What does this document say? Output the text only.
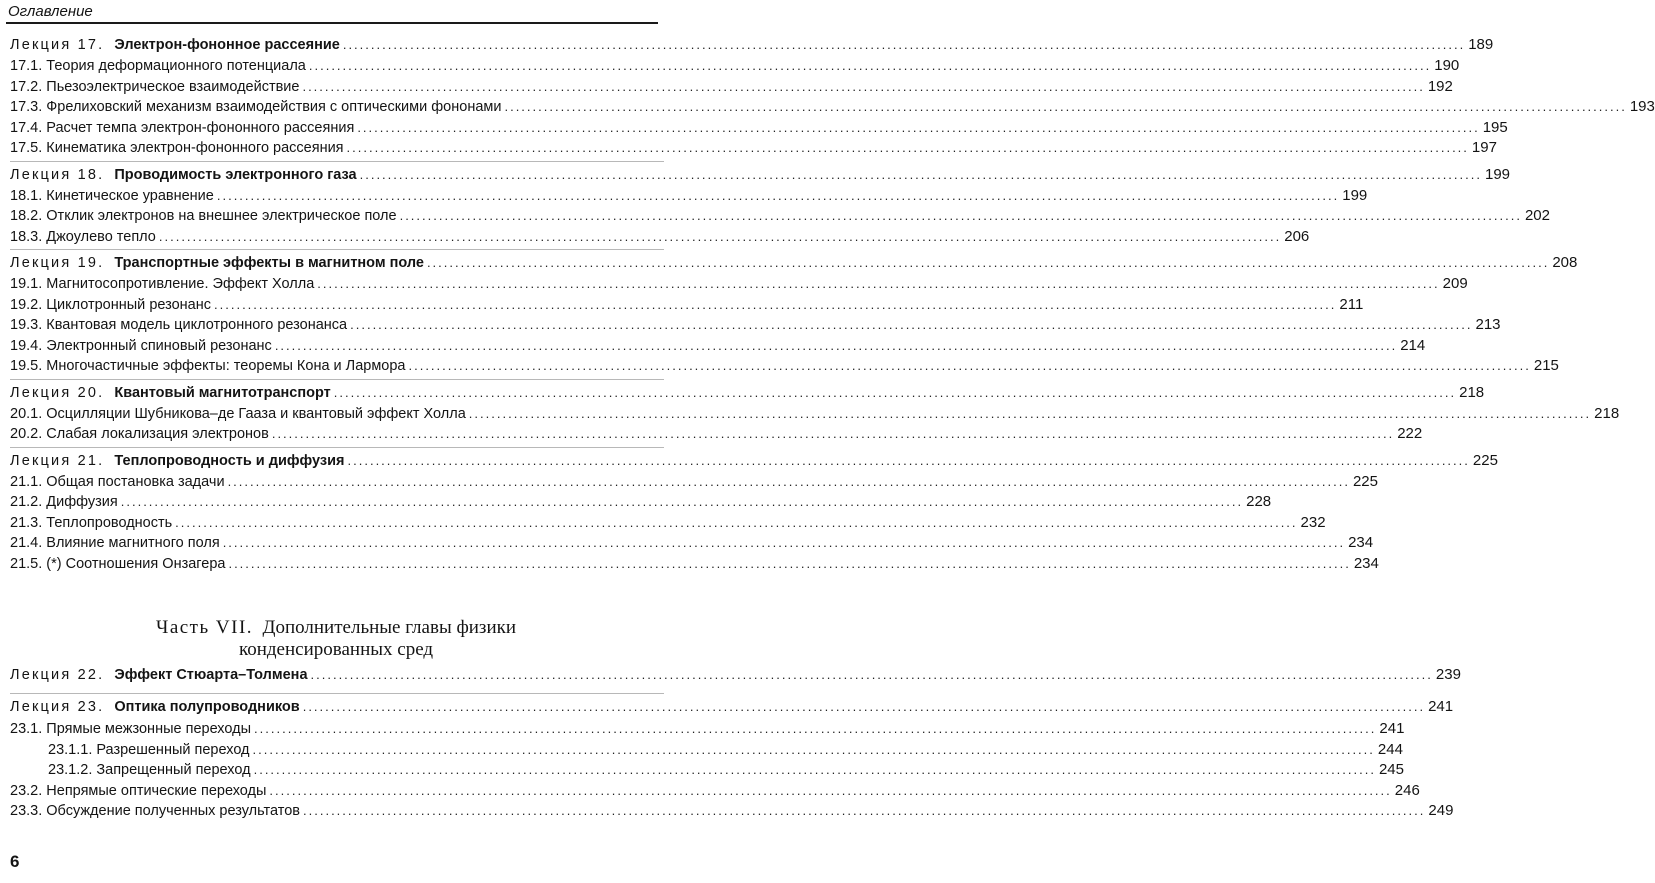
Оглавление
Часть VII. Дополнительные главы физики
конденсированных сред
Лекция 17. Электрон-фононное рассеяние ........................................................................................................................................................................................................ 189
17.1. Теория деформационного потенциала ........................................................................................................................................................................................................ 190
17.2. Пьезоэлектрическое взаимодействие ........................................................................................................................................................................................................ 192
17.3. Фрелиховский механизм взаимодействия с оптическими фононами ........................................................................................................................................................................................................ 193
17.4. Расчет темпа электрон-фононного рассеяния ........................................................................................................................................................................................................ 195
17.5. Кинематика электрон-фононного рассеяния ........................................................................................................................................................................................................ 197
Лекция 18. Проводимость электронного газа ........................................................................................................................................................................................................ 199
18.1. Кинетическое уравнение ........................................................................................................................................................................................................ 199
18.2. Отклик электронов на внешнее электрическое поле ........................................................................................................................................................................................................ 202
18.3. Джоулево тепло ........................................................................................................................................................................................................ 206
Лекция 19. Транспортные эффекты в магнитном поле ........................................................................................................................................................................................................ 208
19.1. Магнитосопротивление. Эффект Холла ........................................................................................................................................................................................................ 209
19.2. Циклотронный резонанс ........................................................................................................................................................................................................ 211
19.3. Квантовая модель циклотронного резонанса ........................................................................................................................................................................................................ 213
19.4. Электронный спиновый резонанс ........................................................................................................................................................................................................ 214
19.5. Многочастичные эффекты: теоремы Кона и Лармора ........................................................................................................................................................................................................ 215
Лекция 20. Квантовый магнитотранспорт ........................................................................................................................................................................................................ 218
20.1. Осцилляции Шубникова–де Гааза и квантовый эффект Холла ........................................................................................................................................................................................................ 218
20.2. Слабая локализация электронов ........................................................................................................................................................................................................ 222
Лекция 21. Теплопроводность и диффузия ........................................................................................................................................................................................................ 225
21.1. Общая постановка задачи ........................................................................................................................................................................................................ 225
21.2. Диффузия ........................................................................................................................................................................................................ 228
21.3. Теплопроводность ........................................................................................................................................................................................................ 232
21.4. Влияние магнитного поля ........................................................................................................................................................................................................ 234
21.5. (*) Соотношения Онзагера ........................................................................................................................................................................................................ 234
Лекция 22. Эффект Стюарта–Толмена ........................................................................................................................................................................................................ 239
Лекция 23. Оптика полупроводников ........................................................................................................................................................................................................ 241
23.1. Прямые межзонные переходы ........................................................................................................................................................................................................ 241
23.1.1. Разрешенный переход ........................................................................................................................................................................................................ 244
23.1.2. Запрещенный переход ........................................................................................................................................................................................................ 245
23.2. Непрямые оптические переходы ........................................................................................................................................................................................................ 246
23.3. Обсуждение полученных результатов ........................................................................................................................................................................................................ 249
6
